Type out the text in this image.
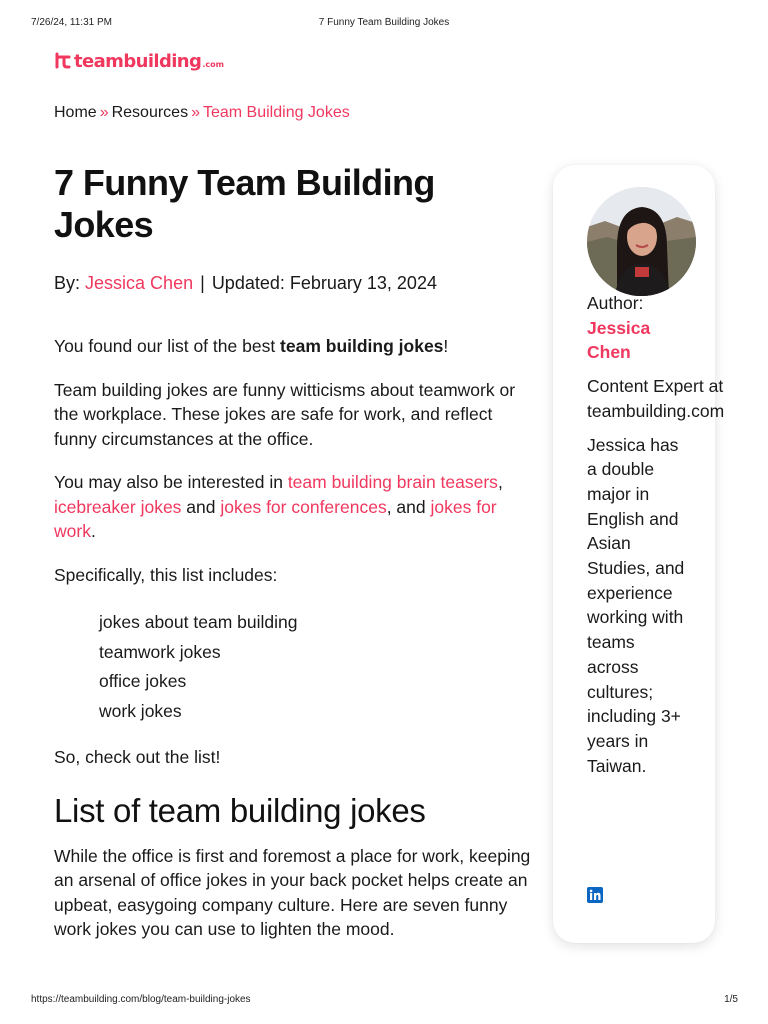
7/26/24, 11:31 PM	7 Funny Team Building Jokes
teambuilding .com
Home » Resources » Team Building Jokes
7 Funny Team Building Jokes
By: Jessica Chen | Updated: February 13, 2024

You found our list of the best team building jokes!

Team building jokes are funny witticisms about teamwork or the workplace. These jokes are safe for work, and reflect funny circumstances at the office.

You may also be interested in team building brain teasers, icebreaker jokes and jokes for conferences, and jokes for work.

Specifically, this list includes:

jokes about team building
teamwork jokes
office jokes
work jokes

So, check out the list!

List of team building jokes

While the office is first and foremost a place for work, keeping an arsenal of office jokes in your back pocket helps create an upbeat, easygoing company culture. Here are seven funny work jokes you can use to lighten the mood.

Author:
Jessica Chen
Content Expert at teambuilding.com
Jessica has a double major in English and Asian Studies, and experience working with teams across cultures; including 3+ years in Taiwan.
https://teambuilding.com/blog/team-building-jokes	1/5
